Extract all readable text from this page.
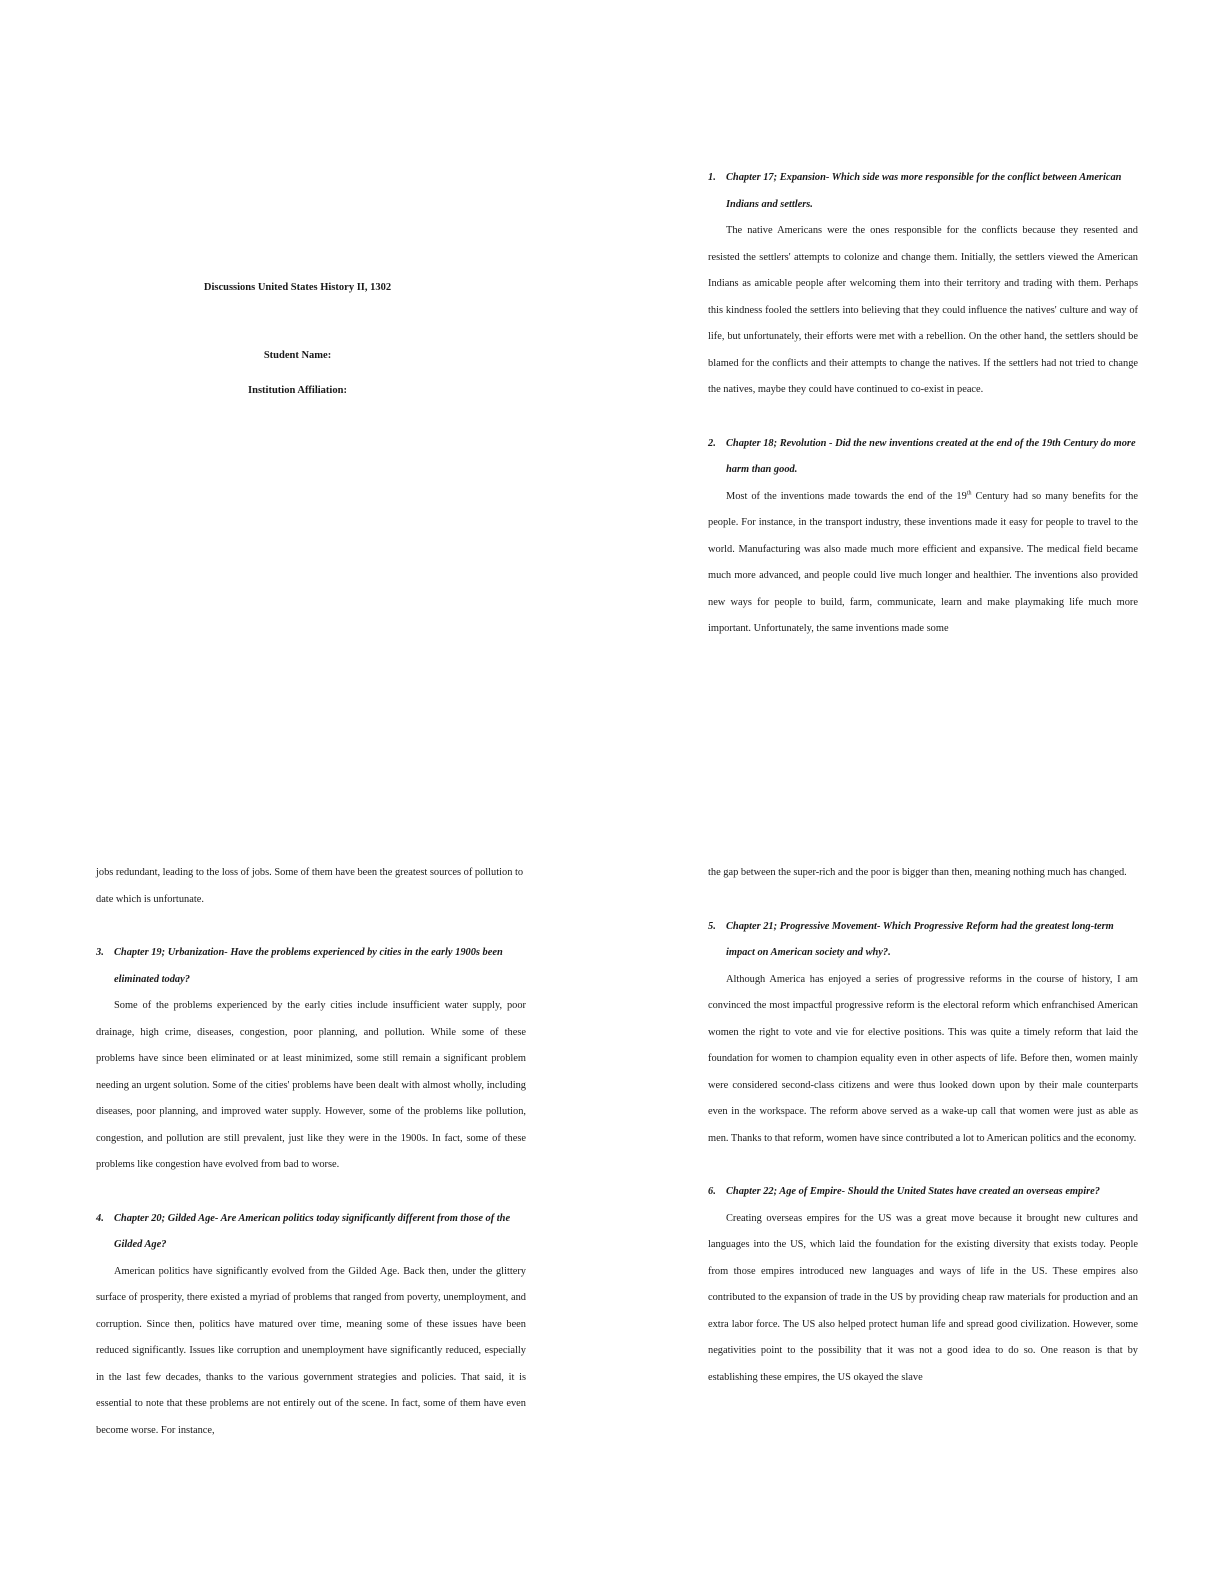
Discussions United States History II, 1302
Student Name:
Institution Affiliation:
1. Chapter 17; Expansion- Which side was more responsible for the conflict between American Indians and settlers.

The native Americans were the ones responsible for the conflicts because they resented and resisted the settlers' attempts to colonize and change them. Initially, the settlers viewed the American Indians as amicable people after welcoming them into their territory and trading with them. Perhaps this kindness fooled the settlers into believing that they could influence the natives' culture and way of life, but unfortunately, their efforts were met with a rebellion. On the other hand, the settlers should be blamed for the conflicts and their attempts to change the natives. If the settlers had not tried to change the natives, maybe they could have continued to co-exist in peace.

2. Chapter 18; Revolution - Did the new inventions created at the end of the 19th Century do more harm than good.

Most of the inventions made towards the end of the 19th Century had so many benefits for the people. For instance, in the transport industry, these inventions made it easy for people to travel to the world. Manufacturing was also made much more efficient and expansive. The medical field became much more advanced, and people could live much longer and healthier. The inventions also provided new ways for people to build, farm, communicate, learn and make playmaking life much more important. Unfortunately, the same inventions made some

jobs redundant, leading to the loss of jobs. Some of them have been the greatest sources of pollution to date which is unfortunate.

3. Chapter 19; Urbanization- Have the problems experienced by cities in the early 1900s been eliminated today?

Some of the problems experienced by the early cities include insufficient water supply, poor drainage, high crime, diseases, congestion, poor planning, and pollution. While some of these problems have since been eliminated or at least minimized, some still remain a significant problem needing an urgent solution. Some of the cities' problems have been dealt with almost wholly, including diseases, poor planning, and improved water supply. However, some of the problems like pollution, congestion, and pollution are still prevalent, just like they were in the 1900s. In fact, some of these problems like congestion have evolved from bad to worse.

4. Chapter 20; Gilded Age- Are American politics today significantly different from those of the Gilded Age?

American politics have significantly evolved from the Gilded Age. Back then, under the glittery surface of prosperity, there existed a myriad of problems that ranged from poverty, unemployment, and corruption. Since then, politics have matured over time, meaning some of these issues have been reduced significantly. Issues like corruption and unemployment have significantly reduced, especially in the last few decades, thanks to the various government strategies and policies. That said, it is essential to note that these problems are not entirely out of the scene. In fact, some of them have even become worse. For instance,

the gap between the super-rich and the poor is bigger than then, meaning nothing much has changed.

5. Chapter 21; Progressive Movement- Which Progressive Reform had the greatest long-term impact on American society and why?.

Although America has enjoyed a series of progressive reforms in the course of history, I am convinced the most impactful progressive reform is the electoral reform which enfranchised American women the right to vote and vie for elective positions. This was quite a timely reform that laid the foundation for women to champion equality even in other aspects of life. Before then, women mainly were considered second-class citizens and were thus looked down upon by their male counterparts even in the workspace. The reform above served as a wake-up call that women were just as able as men. Thanks to that reform, women have since contributed a lot to American politics and the economy.

6. Chapter 22; Age of Empire- Should the United States have created an overseas empire?

Creating overseas empires for the US was a great move because it brought new cultures and languages into the US, which laid the foundation for the existing diversity that exists today. People from those empires introduced new languages and ways of life in the US. These empires also contributed to the expansion of trade in the US by providing cheap raw materials for production and an extra labor force. The US also helped protect human life and spread good civilization. However, some negativities point to the possibility that it was not a good idea to do so. One reason is that by establishing these empires, the US okayed the slave
